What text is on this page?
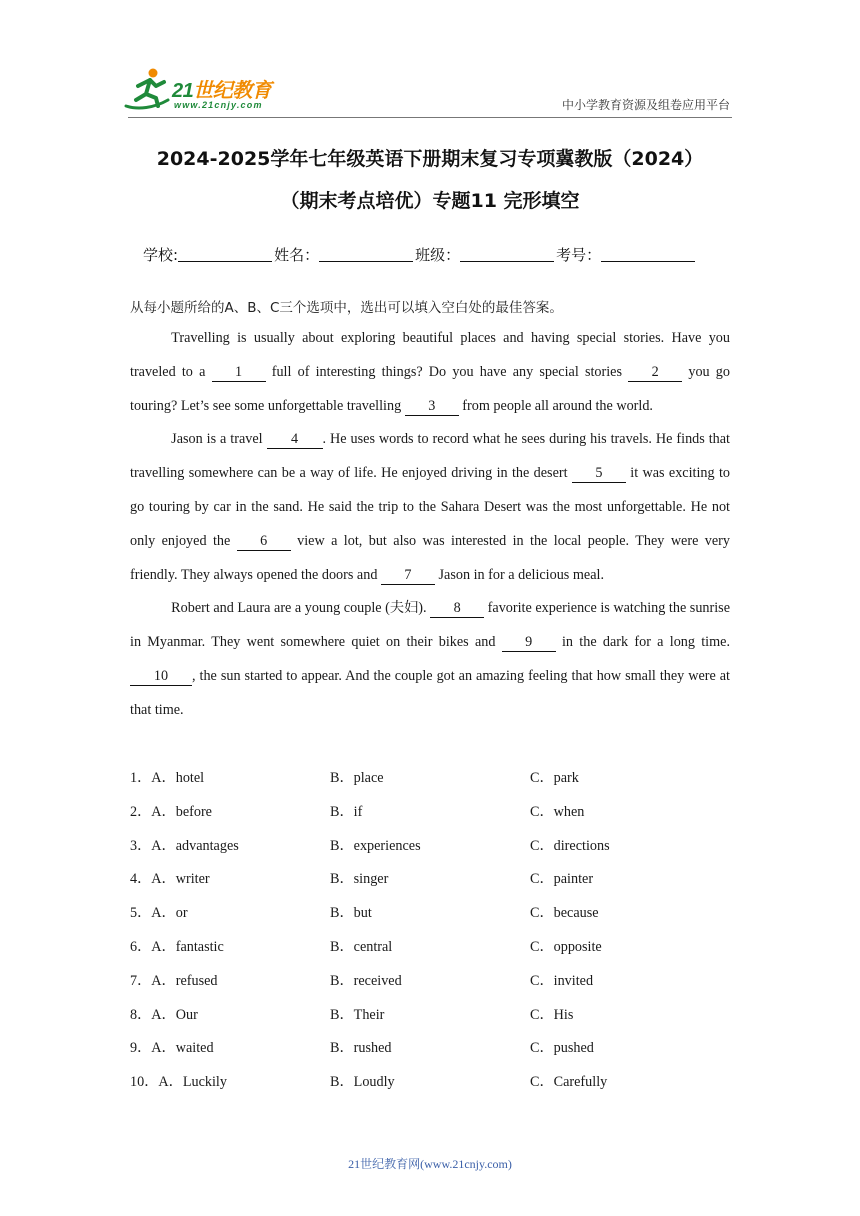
21世纪教育
www.21cnjy.com	中小学教育资源及组卷应用平台
2024-2025学年七年级英语下册期末复习专项冀教版（2024）
（期末考点培优）专题11 完形填空
学校:	姓名：	班级：	考号：
从每小题所给的A、B、C三个选项中，选出可以填入空白处的最佳答案。

Travelling is usually about exploring beautiful places and having special stories. Have you traveled to a 1 full of interesting things? Do you have any special stories 2 you go touring? Let’s see some unforgettable travelling 3 from people all around the world.

Jason is a travel 4 . He uses words to record what he sees during his travels. He finds that travelling somewhere can be a way of life. He enjoyed driving in the desert 5 it was exciting to go touring by car in the sand. He said the trip to the Sahara Desert was the most unforgettable. He not only enjoyed the 6 view a lot, but also was interested in the local people. They were very friendly. They always opened the doors and 7 Jason in for a delicious meal.

Robert and Laura are a young couple (夫妇). 8 favorite experience is watching the sunrise in Myanmar. They went somewhere quiet on their bikes and 9 in the dark for a long time. 10 , the sun started to appear. And the couple got an amazing feeling that how small they were at that time.

1．A．hotel	B．place	C．park
2．A．before	B．if	C．when
3．A．advantages	B．experiences	C．directions
4．A．writer	B．singer	C．painter
5．A．or	B．but	C．because
6．A．fantastic	B．central	C．opposite
7．A．refused	B．received	C．invited
8．A．Our	B．Their	C．His
9．A．waited	B．rushed	C．pushed
10．A．Luckily	B．Loudly	C．Carefully
21世纪教育网(www.21cnjy.com)
